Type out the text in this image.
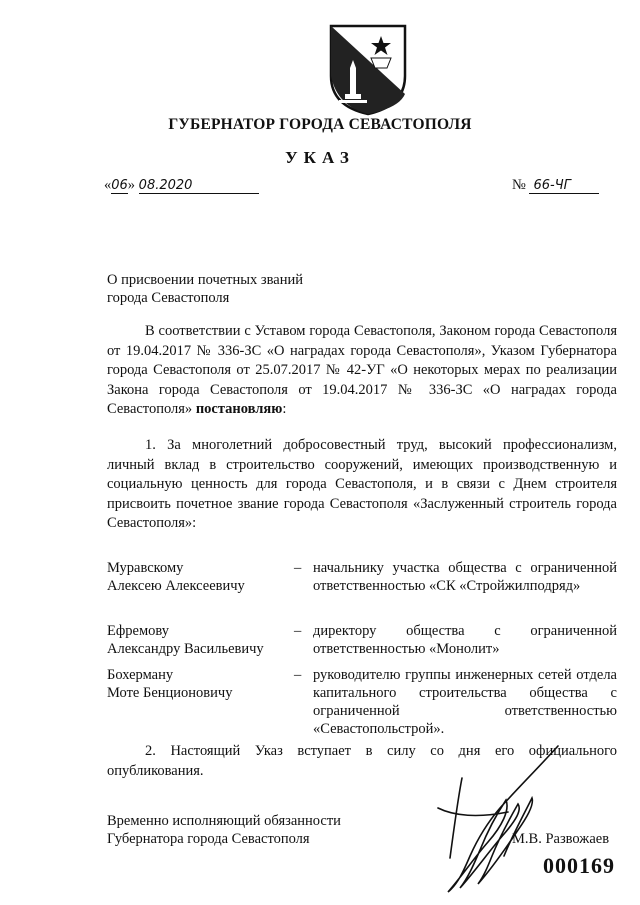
ГУБЕРНАТОР ГОРОДА СЕВАСТОПОЛЯ
УКАЗ
«06» 08.2020	№ 66-ЧГ
О присвоении почетных званий
города Севастополя

В соответствии с Уставом города Севастополя, Законом города Севастополя от 19.04.2017 № 336-ЗС «О наградах города Севастополя», Указом Губернатора города Севастополя от 25.07.2017 № 42-УГ «О некоторых мерах по реализации Закона города Севастополя от 19.04.2017 № 336-ЗС «О наградах города Севастополя» постановляю:

1. За многолетний добросовестный труд, высокий профессионализм, личный вклад в строительство сооружений, имеющих производственную и социальную ценность для города Севастополя, и в связи с Днем строителя присвоить почетное звание города Севастополя «Заслуженный строитель города Севастополя»:

Муравскому
Алексею Алексеевичу
– начальнику участка общества с ограниченной ответственностью «СК «Стройжилподряд»
Ефремову
Александру Васильевичу
– директору общества с ограниченной ответственностью «Монолит»
Бохерману
Моте Бенционовичу
– руководителю группы инженерных сетей отдела капитального строительства общества с ограниченной ответственностью «Севастопольстрой».

2. Настоящий Указ вступает в силу со дня его официального опубликования.

Временно исполняющий обязанности
Губернатора города Севастополя	М.В. Развожаев
000169
